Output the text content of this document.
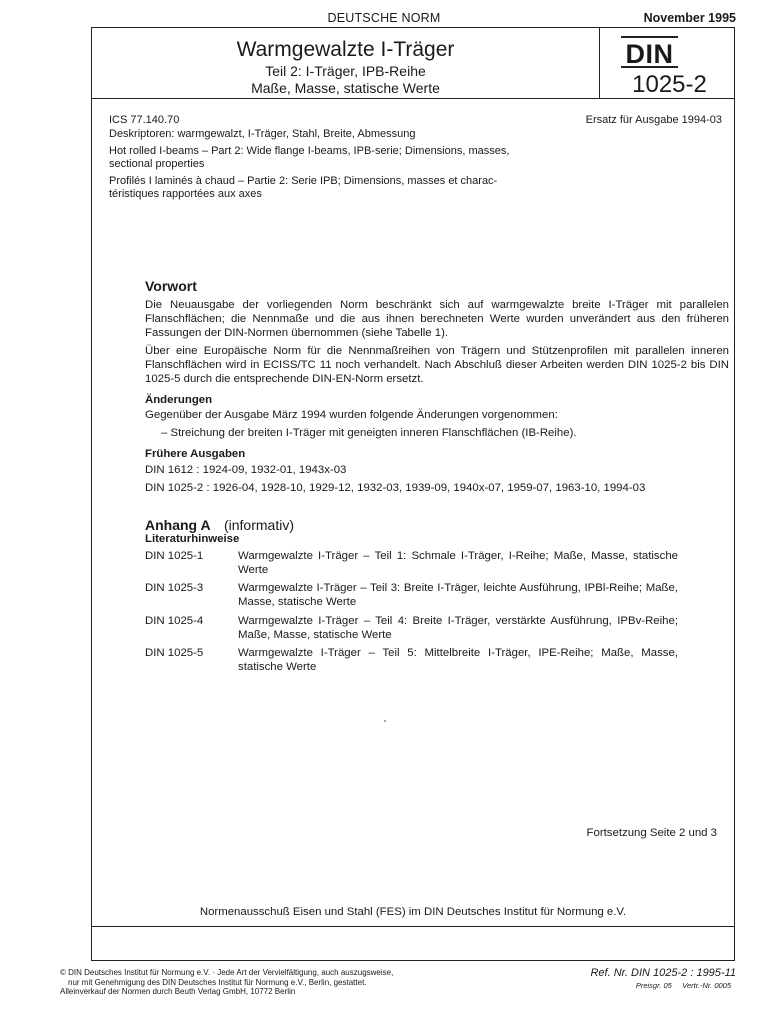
DEUTSCHE NORM	November 1995
Warmgewalzte I-Träger
Teil 2: I-Träger, IPB-Reihe
Maße, Masse, statische Werte
DIN
1025-2
ICS 77.140.70	Ersatz für Ausgabe 1994-03
Deskriptoren: warmgewalzt, I-Träger, Stahl, Breite, Abmessung
Hot rolled I-beams – Part 2: Wide flange I-beams, IPB-serie; Dimensions, masses,
sectional properties
Profilés I laminés à chaud – Partie 2: Serie IPB; Dimensions, masses et charac-
téristiques rapportées aux axes
Vorwort
Die Neuausgabe der vorliegenden Norm beschränkt sich auf warmgewalzte breite I-Träger mit parallelen Flanschflächen; die Nennmaße und die aus ihnen berechneten Werte wurden unverändert aus den früheren Fassungen der DIN-Normen übernommen (siehe Tabelle 1).
Über eine Europäische Norm für die Nennmaßreihen von Trägern und Stützenprofilen mit parallelen inneren Flanschflächen wird in ECISS/TC 11 noch verhandelt. Nach Abschluß dieser Arbeiten werden DIN 1025-2 bis DIN 1025-5 durch die entsprechende DIN-EN-Norm ersetzt.
Änderungen
Gegenüber der Ausgabe März 1994 wurden folgende Änderungen vorgenommen:
– Streichung der breiten I-Träger mit geneigten inneren Flanschflächen (IB-Reihe).
Frühere Ausgaben
DIN 1612 : 1924-09, 1932-01, 1943x-03
DIN 1025-2 : 1926-04, 1928-10, 1929-12, 1932-03, 1939-09, 1940x-07, 1959-07, 1963-10, 1994-03
Anhang A (informativ)
Literaturhinweise
DIN 1025-1	Warmgewalzte I-Träger – Teil 1: Schmale I-Träger, I-Reihe; Maße, Masse, statische Werte
DIN 1025-3	Warmgewalzte I-Träger – Teil 3: Breite I-Träger, leichte Ausführung, IPBl-Reihe; Maße, Masse, statische Werte
DIN 1025-4	Warmgewalzte I-Träger – Teil 4: Breite I-Träger, verstärkte Ausführung, IPBv-Reihe; Maße, Masse, statische Werte
DIN 1025-5	Warmgewalzte I-Träger – Teil 5: Mittelbreite I-Träger, IPE-Reihe; Maße, Masse, statische Werte
Fortsetzung Seite 2 und 3
Normenausschuß Eisen und Stahl (FES) im DIN Deutsches Institut für Normung e.V.
© DIN Deutsches Institut für Normung e.V. · Jede Art der Vervielfältigung, auch auszugsweise,
nur mit Genehmigung des DIN Deutsches Institut für Normung e.V., Berlin, gestattet.
Alleinverkauf der Normen durch Beuth Verlag GmbH, 10772 Berlin
Ref. Nr. DIN 1025-2 : 1995-11
Preisgr. 05     Vertr.-Nr. 0005
